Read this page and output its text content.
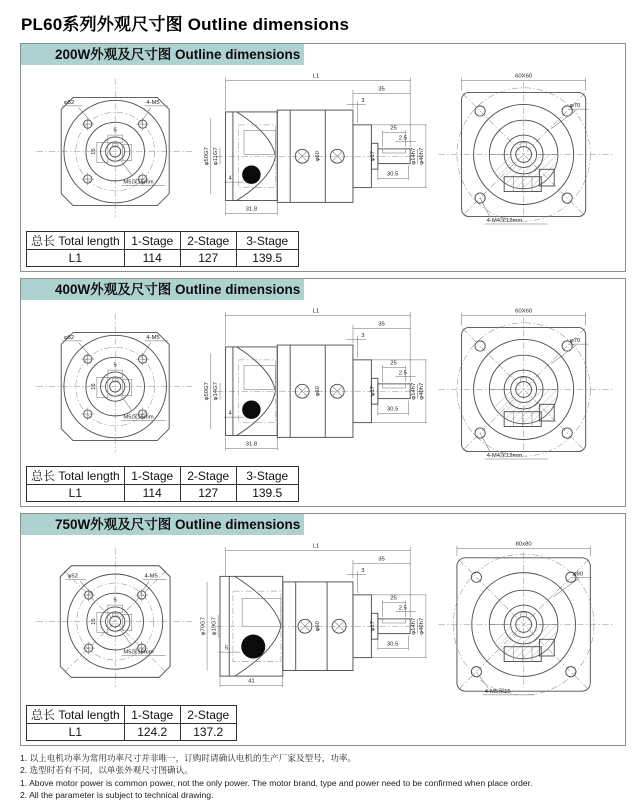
PL60系列外观尺寸图 Outline dimensions
200W外观及尺寸图 Outline dimensions
φ52	4-M5
M5深15mm
5
16
L1
35
3
25
2.5
30.5
31.8
4
φ50G7 φ11G7	φ60	φ17	φ14h7 φ40h7
60X60
φ70
4-M4深12mm
总长 Total length	1-Stage	2-Stage	3-Stage
L1	114	127	139.5
400W外观及尺寸图 Outline dimensions
φ52	4-M5
M5深15mm
5
16
L1
35
3
25
2.5
30.5
31.8
4
φ50G7 φ14G7	φ60	φ17	φ14h7 φ40h7
60X60
φ70
4-M4深12mm
总长 Total length	1-Stage	2-Stage	3-Stage
L1	114	127	139.5
750W外观及尺寸图 Outline dimensions
φ52	4-M5
M5深15mm
5
16
L1
35
3
25
2.5
30.5
41
5
φ70G7 φ19G7	φ60	φ17	φ14h7 φ40h7
80x80
φ90
4-M5深15
总长 Total length	1-Stage	2-Stage
L1	124.2	137.2
1. 以上电机功率为常用功率尺寸并非唯一，订购时请确认电机的生产厂家及型号，功率。
2. 选型时若有不同，以单张外观尺寸图确认。
1. Above motor power is common power, not the only power. The motor brand, type and power need to be confirmed when place order.
2. All the parameter is subject to technical drawing.
